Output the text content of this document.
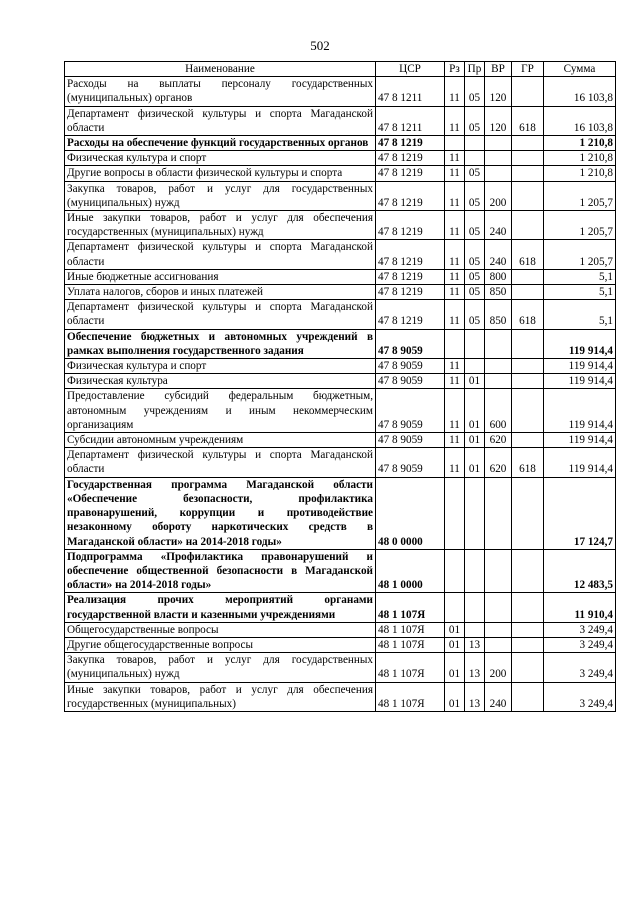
502
Наименование	ЦСР	Рз	Пр	ВР	ГР	Сумма
Расходы на выплаты персоналу государственных (муниципальных) органов	47 8 1211	11	05	120		16 103,8
Департамент физической культуры и спорта Магаданской области	47 8 1211	11	05	120	618	16 103,8
Расходы на обеспечение функций государственных органов	47 8 1219					1 210,8
Физическая культура и спорт	47 8 1219	11				1 210,8
Другие вопросы в области физической культуры и спорта	47 8 1219	11	05			1 210,8
Закупка товаров, работ и услуг для государственных (муниципальных) нужд	47 8 1219	11	05	200		1 205,7
Иные закупки товаров, работ и услуг для обеспечения государственных (муниципальных) нужд	47 8 1219	11	05	240		1 205,7
Департамент физической культуры и спорта Магаданской области	47 8 1219	11	05	240	618	1 205,7
Иные бюджетные ассигнования	47 8 1219	11	05	800		5,1
Уплата налогов, сборов и иных платежей	47 8 1219	11	05	850		5,1
Департамент физической культуры и спорта Магаданской области	47 8 1219	11	05	850	618	5,1
Обеспечение бюджетных и автономных учреждений в рамках выполнения государственного задания	47 8 9059					119 914,4
Физическая культура и спорт	47 8 9059	11				119 914,4
Физическая культура	47 8 9059	11	01			119 914,4
Предоставление субсидий федеральным бюджетным, автономным учреждениям и иным некоммерческим организациям	47 8 9059	11	01	600		119 914,4
Субсидии автономным учреждениям	47 8 9059	11	01	620		119 914,4
Департамент физической культуры и спорта Магаданской области	47 8 9059	11	01	620	618	119 914,4
Государственная программа Магаданской области «Обеспечение безопасности, профилактика правонарушений, коррупции и противодействие незаконному обороту наркотических средств в Магаданской области» на 2014-2018 годы»	48 0 0000					17 124,7
Подпрограмма «Профилактика правонарушений и обеспечение общественной безопасности в Магаданской области» на 2014-2018 годы»	48 1 0000					12 483,5
Реализация прочих мероприятий органами государственной власти и казенными учреждениями	48 1 107Я					11 910,4
Общегосударственные вопросы	48 1 107Я	01				3 249,4
Другие общегосударственные вопросы	48 1 107Я	01	13			3 249,4
Закупка товаров, работ и услуг для государственных (муниципальных) нужд	48 1 107Я	01	13	200		3 249,4
Иные закупки товаров, работ и услуг для обеспечения государственных (муниципальных)	48 1 107Я	01	13	240		3 249,4
